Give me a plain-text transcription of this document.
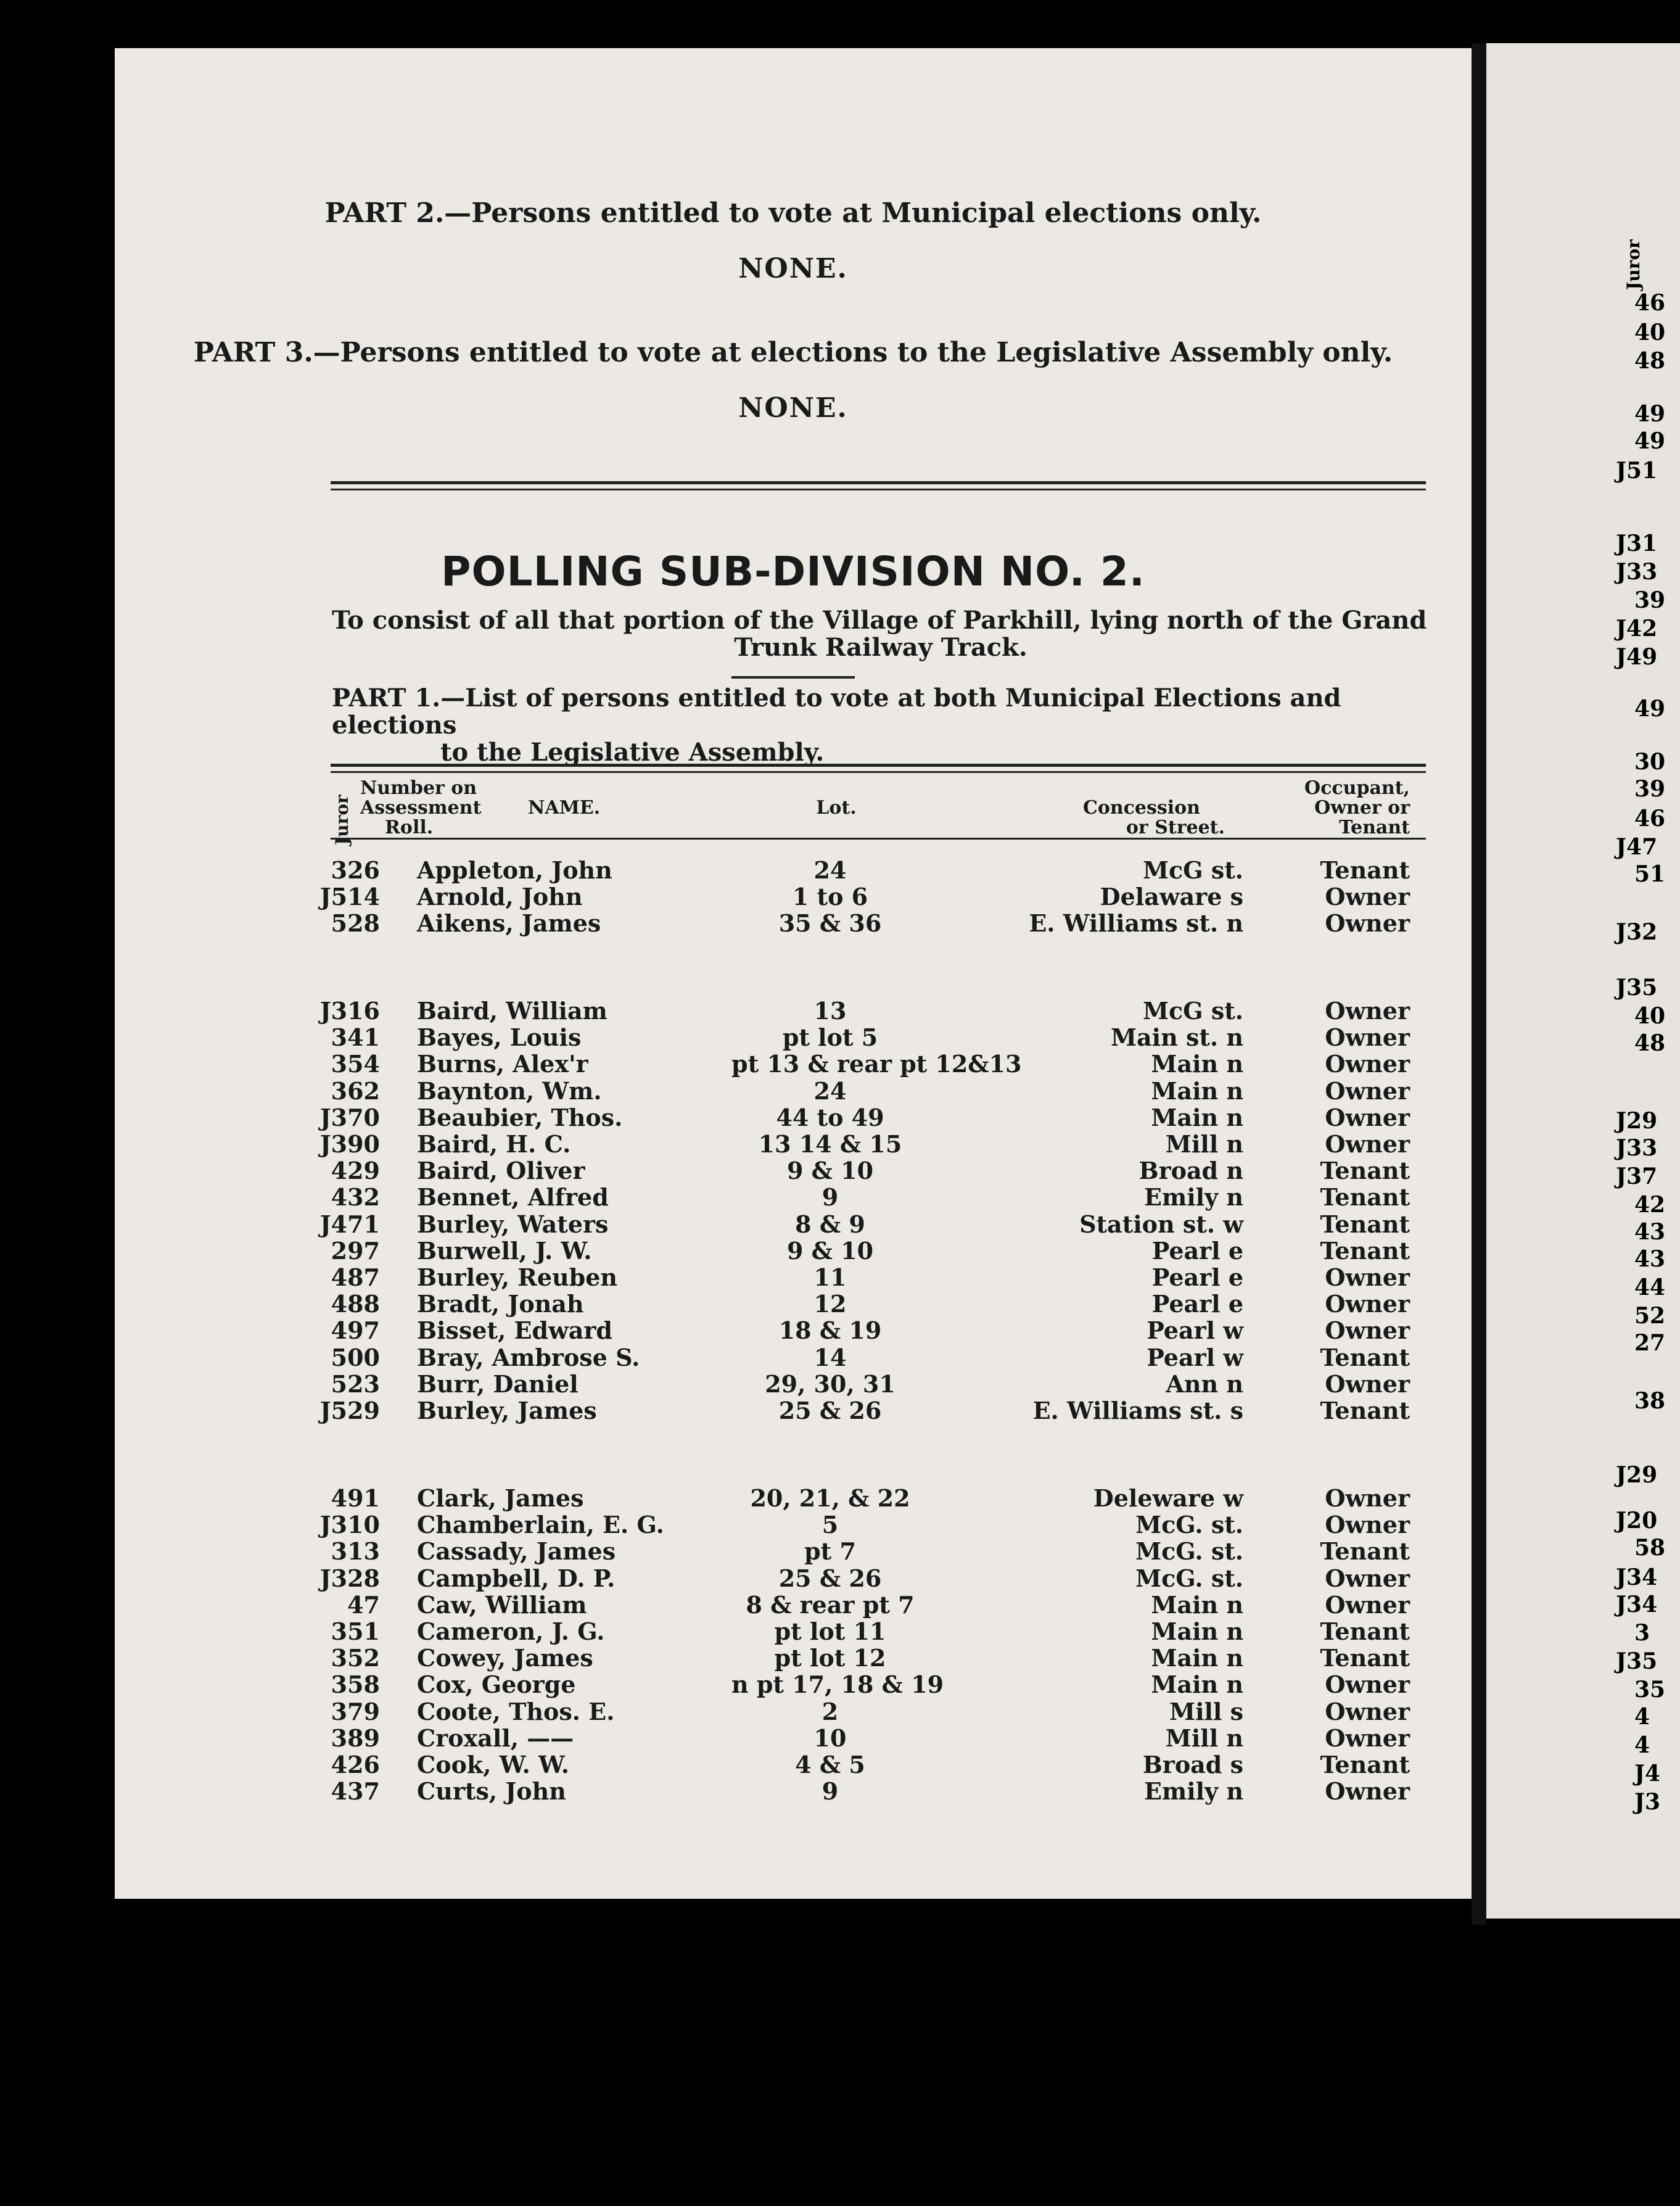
PART 2.—Persons entitled to vote at Municipal elections only.
NONE.
PART 3.—Persons entitled to vote at elections to the Legislative Assembly only.
NONE.
POLLING SUB-DIVISION NO. 2.
To consist of all that portion of the Village of Parkhill, lying north of the Grand
Trunk Railway Track.
PART 1.—List of persons entitled to vote at both Municipal Elections and elections
to the Legislative Assembly.
Juror
Number on
Assessment
Roll.
NAME.	Lot.	Concession
or Street.
Occupant,
Owner or
Tenant
326 Appleton, John	24	McG st.	Tenant
J514 Arnold, John	1 to 6	Delaware s	Owner
528 Aikens, James	35 & 36	E. Williams st. n	Owner
J316 Baird, William	13	McG st.	Owner
341 Bayes, Louis	pt lot 5	Main st. n	Owner
354 Burns, Alex'r	pt 13 & rear pt 12&13	Main n	Owner
362 Baynton, Wm.	24	Main n	Owner
J370 Beaubier, Thos.	44 to 49	Main n	Owner
J390 Baird, H. C.	13 14 & 15	Mill n	Owner
429 Baird, Oliver	9 & 10	Broad n	Tenant
432 Bennet, Alfred	9	Emily n	Tenant
J471 Burley, Waters	8 & 9	Station st. w	Tenant
297 Burwell, J. W.	9 & 10	Pearl e	Tenant
487 Burley, Reuben	11	Pearl e	Owner
488 Bradt, Jonah	12	Pearl e	Owner
497 Bisset, Edward	18 & 19	Pearl w	Owner
500 Bray, Ambrose S.	14	Pearl w	Tenant
523 Burr, Daniel	29, 30, 31	Ann n	Owner
J529 Burley, James	25 & 26	E. Williams st. s	Tenant
491 Clark, James	20, 21, & 22	Deleware w	Owner
J310 Chamberlain, E. G.	5	McG. st.	Owner
313 Cassady, James	pt 7	McG. st.	Tenant
J328 Campbell, D. P.	25 & 26	McG. st.	Owner
47 Caw, William	8 & rear pt 7	Main n	Owner
351 Cameron, J. G.	pt lot 11	Main n	Tenant
352 Cowey, James	pt lot 12	Main n	Tenant
358 Cox, George	n pt 17, 18 & 19	Main n	Owner
379 Coote, Thos. E.	2	Mill s	Owner
389 Croxall, ——	10	Mill n	Owner
426 Cook, W. W.	4 & 5	Broad s	Tenant
437 Curts, John	9	Emily n	Owner
Juror
46
40
48
49
49
J51
J31
J33
39
J42
J49
49
30
39
46
J47
51
J32
J35
40
48
J29
J33
J37
42
43
43
44
52
27
38
J29
J20
58
J34
J34
3
J35
35
4
4
J4
J3
